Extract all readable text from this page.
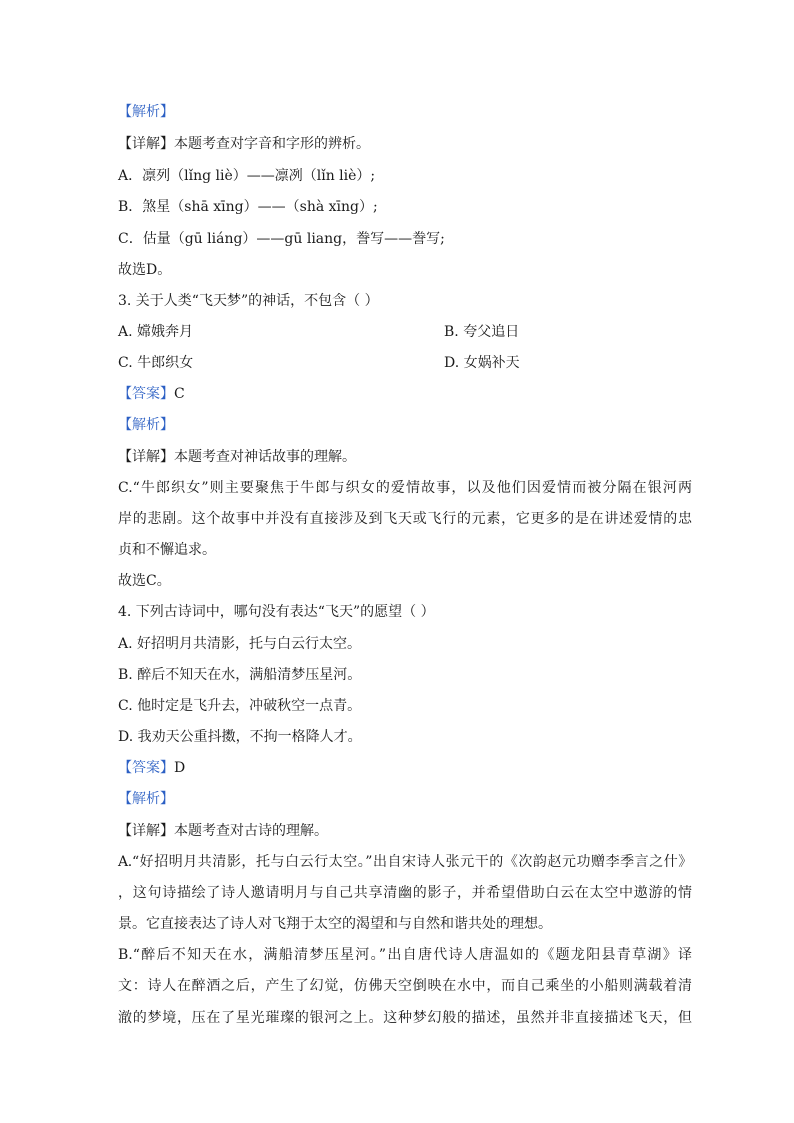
【解析】
【详解】本题考查对字音和字形的辨析。
A．凛列（lǐng liè）——凛冽（lǐn liè）;
B．煞星（shā xīng）——（shà xīng）;
C．估量（gū liáng）——gū liang，誊写——誊写;
故选D。
3. 关于人类“飞天梦”的神话，不包含（ ）
A. 嫦娥奔月	B. 夸父追日
C. 牛郎织女	D. 女娲补天
【答案】C
【解析】
【详解】本题考查对神话故事的理解。
C.“牛郎织女”则主要聚焦于牛郎与织女的爱情故事，以及他们因爱情而被分隔在银河两
岸的悲剧。这个故事中并没有直接涉及到飞天或飞行的元素，它更多的是在讲述爱情的忠
贞和不懈追求。
故选C。
4. 下列古诗词中，哪句没有表达“飞天”的愿望（ ）
A. 好招明月共清影，托与白云行太空。
B. 醉后不知天在水，满船清梦压星河。
C. 他时定是飞升去，冲破秋空一点青。
D. 我劝天公重抖擞，不拘一格降人才。
【答案】D
【解析】
【详解】本题考查对古诗的理解。
A.“好招明月共清影，托与白云行太空。”出自宋诗人张元干的《次韵赵元功赠李季言之什》
，这句诗描绘了诗人邀请明月与自己共享清幽的影子，并希望借助白云在太空中遨游的情
景。它直接表达了诗人对飞翔于太空的渴望和与自然和谐共处的理想。
B.“醉后不知天在水，满船清梦压星河。”出自唐代诗人唐温如的《题龙阳县青草湖》译
文：诗人在醉酒之后，产生了幻觉，仿佛天空倒映在水中，而自己乘坐的小船则满载着清
澈的梦境，压在了星光璀璨的银河之上。这种梦幻般的描述，虽然并非直接描述飞天，但
